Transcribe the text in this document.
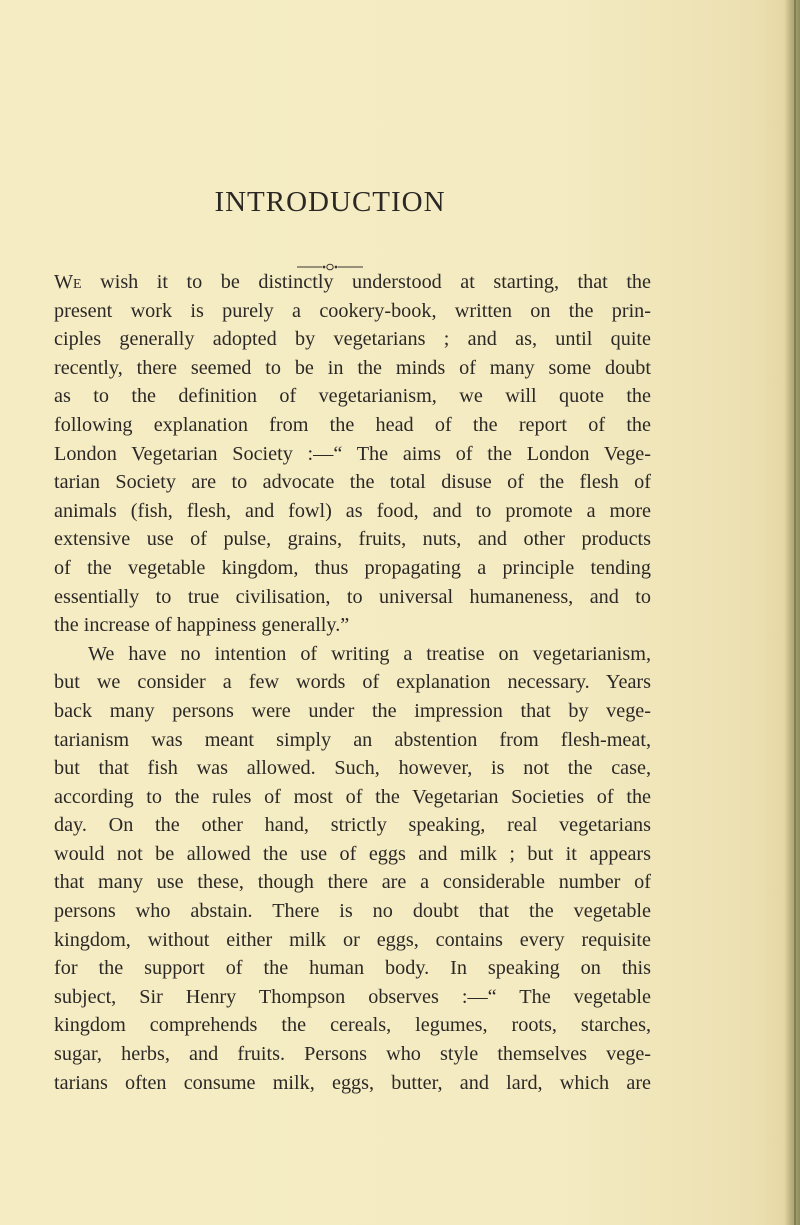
INTRODUCTION
We wish it to be distinctly understood at starting, that the
present work is purely a cookery-book, written on the prin-
ciples generally adopted by vegetarians ; and as, until quite
recently, there seemed to be in the minds of many some doubt
as to the definition of vegetarianism, we will quote the
following explanation from the head of the report of the
London Vegetarian Society :—“ The aims of the London Vege-
tarian Society are to advocate the total disuse of the flesh of
animals (fish, flesh, and fowl) as food, and to promote a more
extensive use of pulse, grains, fruits, nuts, and other products
of the vegetable kingdom, thus propagating a principle tending
essentially to true civilisation, to universal humaneness, and to
the increase of happiness generally.”
We have no intention of writing a treatise on vegetarianism,
but we consider a few words of explanation necessary. Years
back many persons were under the impression that by vege-
tarianism was meant simply an abstention from flesh-meat,
but that fish was allowed. Such, however, is not the case,
according to the rules of most of the Vegetarian Societies of the
day. On the other hand, strictly speaking, real vegetarians
would not be allowed the use of eggs and milk ; but it appears
that many use these, though there are a considerable number of
persons who abstain. There is no doubt that the vegetable
kingdom, without either milk or eggs, contains every requisite
for the support of the human body. In speaking on this
subject, Sir Henry Thompson observes :—“ The vegetable
kingdom comprehends the cereals, legumes, roots, starches,
sugar, herbs, and fruits. Persons who style themselves vege-
tarians often consume milk, eggs, butter, and lard, which are
